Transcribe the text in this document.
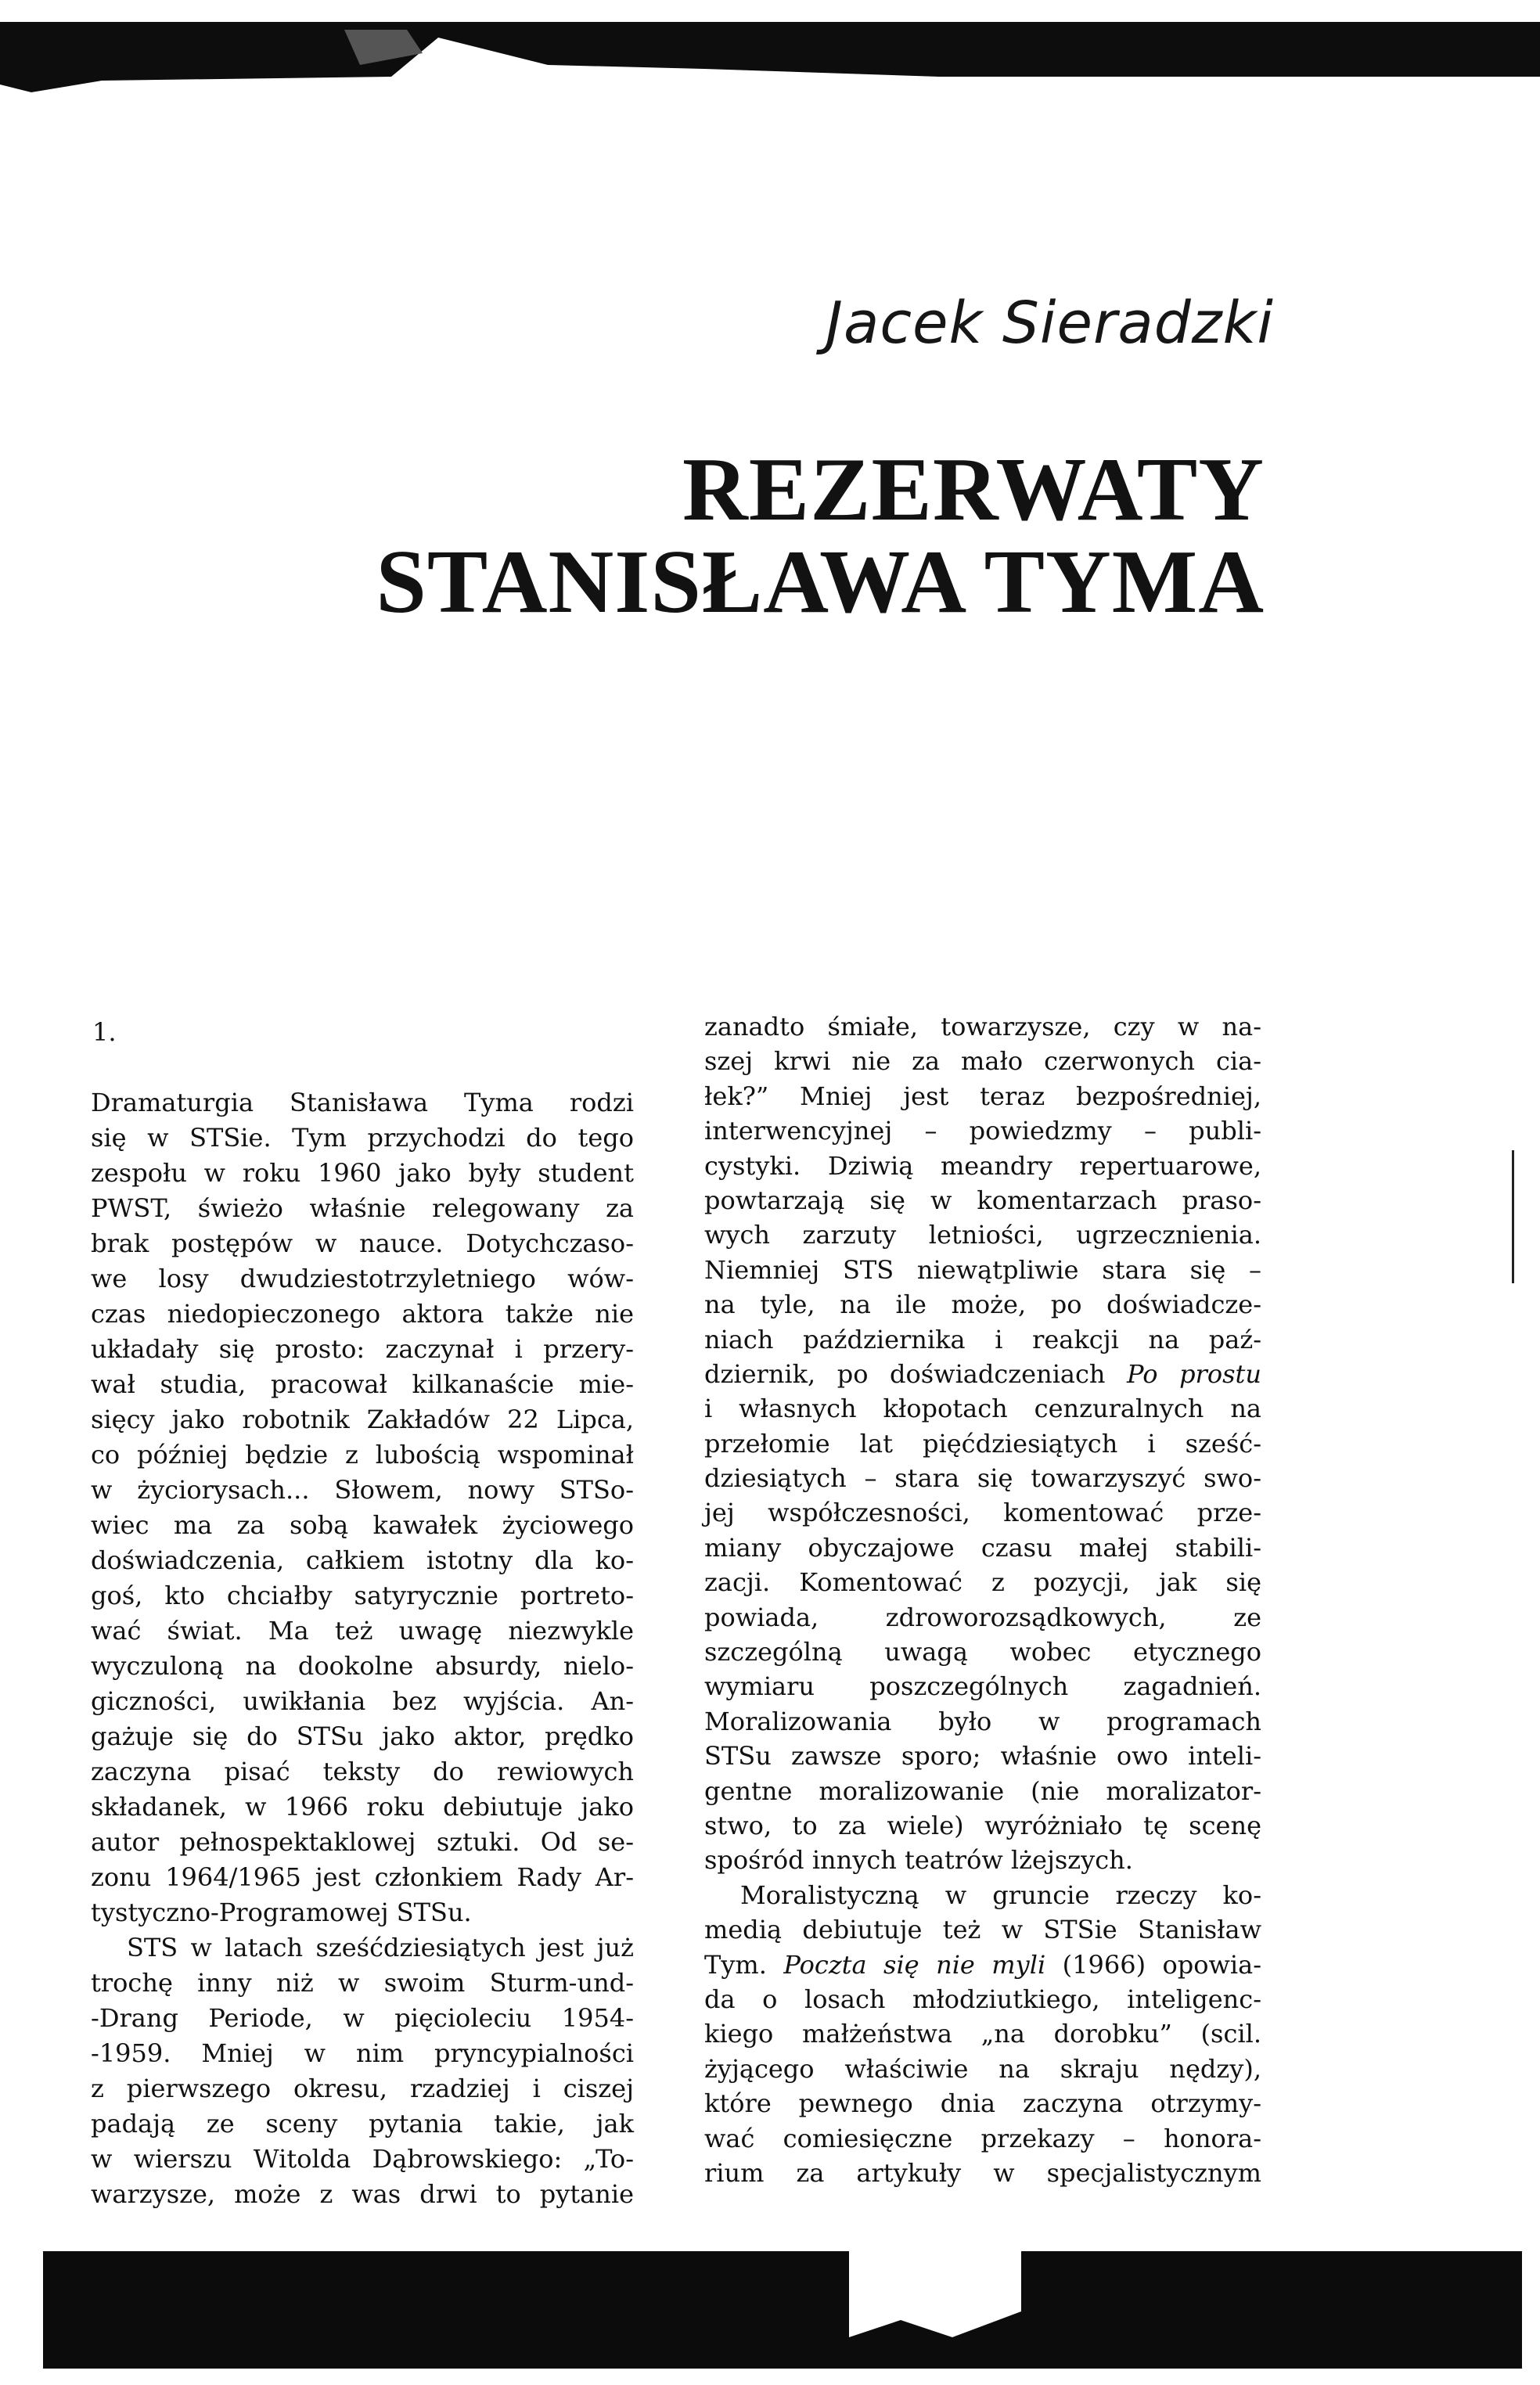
Jacek Sieradzki
REZERWATY
STANISŁAWA TYMA
1.
Dramaturgia Stanisława Tyma rodzi
się w STSie. Tym przychodzi do tego
zespołu w roku 1960 jako były student
PWST, świeżo właśnie relegowany za
brak postępów w nauce. Dotychczaso-
we losy dwudziestotrzyletniego wów-
czas niedopieczonego aktora także nie
układały się prosto: zaczynał i przery-
wał studia, pracował kilkanaście mie-
sięcy jako robotnik Zakładów 22 Lipca,
co później będzie z lubością wspominał
w życiorysach... Słowem, nowy STSo-
wiec ma za sobą kawałek życiowego
doświadczenia, całkiem istotny dla ko-
goś, kto chciałby satyrycznie portreto-
wać świat. Ma też uwagę niezwykle
wyczuloną na dookolne absurdy, nielo-
giczności, uwikłania bez wyjścia. An-
gażuje się do STSu jako aktor, prędko
zaczyna pisać teksty do rewiowych
składanek, w 1966 roku debiutuje jako
autor pełnospektaklowej sztuki. Od se-
zonu 1964/1965 jest członkiem Rady Ar-
tystyczno-Programowej STSu.
STS w latach sześćdziesiątych jest już
trochę inny niż w swoim Sturm-und-
-Drang Periode, w pięcioleciu 1954-
-1959. Mniej w nim pryncypialności
z pierwszego okresu, rzadziej i ciszej
padają ze sceny pytania takie, jak
w wierszu Witolda Dąbrowskiego: „To-
warzysze, może z was drwi to pytanie
zanadto śmiałe, towarzysze, czy w na-
szej krwi nie za mało czerwonych cia-
łek?” Mniej jest teraz bezpośredniej,
interwencyjnej – powiedzmy – publi-
cystyki. Dziwią meandry repertuarowe,
powtarzają się w komentarzach praso-
wych zarzuty letniości, ugrzecznienia.
Niemniej STS niewątpliwie stara się –
na tyle, na ile może, po doświadcze-
niach października i reakcji na paź-
dziernik, po doświadczeniach Po prostu
i własnych kłopotach cenzuralnych na
przełomie lat pięćdziesiątych i sześć-
dziesiątych – stara się towarzyszyć swo-
jej współczesności, komentować prze-
miany obyczajowe czasu małej stabili-
zacji. Komentować z pozycji, jak się
powiada, zdroworozsądkowych, ze
szczególną uwagą wobec etycznego
wymiaru poszczególnych zagadnień.
Moralizowania było w programach
STSu zawsze sporo; właśnie owo inteli-
gentne moralizowanie (nie moralizator-
stwo, to za wiele) wyróżniało tę scenę
spośród innych teatrów lżejszych.
Moralistyczną w gruncie rzeczy ko-
medią debiutuje też w STSie Stanisław
Tym. Poczta się nie myli (1966) opowia-
da o losach młodziutkiego, inteligenc-
kiego małżeństwa „na dorobku” (scil.
żyjącego właściwie na skraju nędzy),
które pewnego dnia zaczyna otrzymy-
wać comiesięczne przekazy – honora-
rium za artykuły w specjalistycznym
